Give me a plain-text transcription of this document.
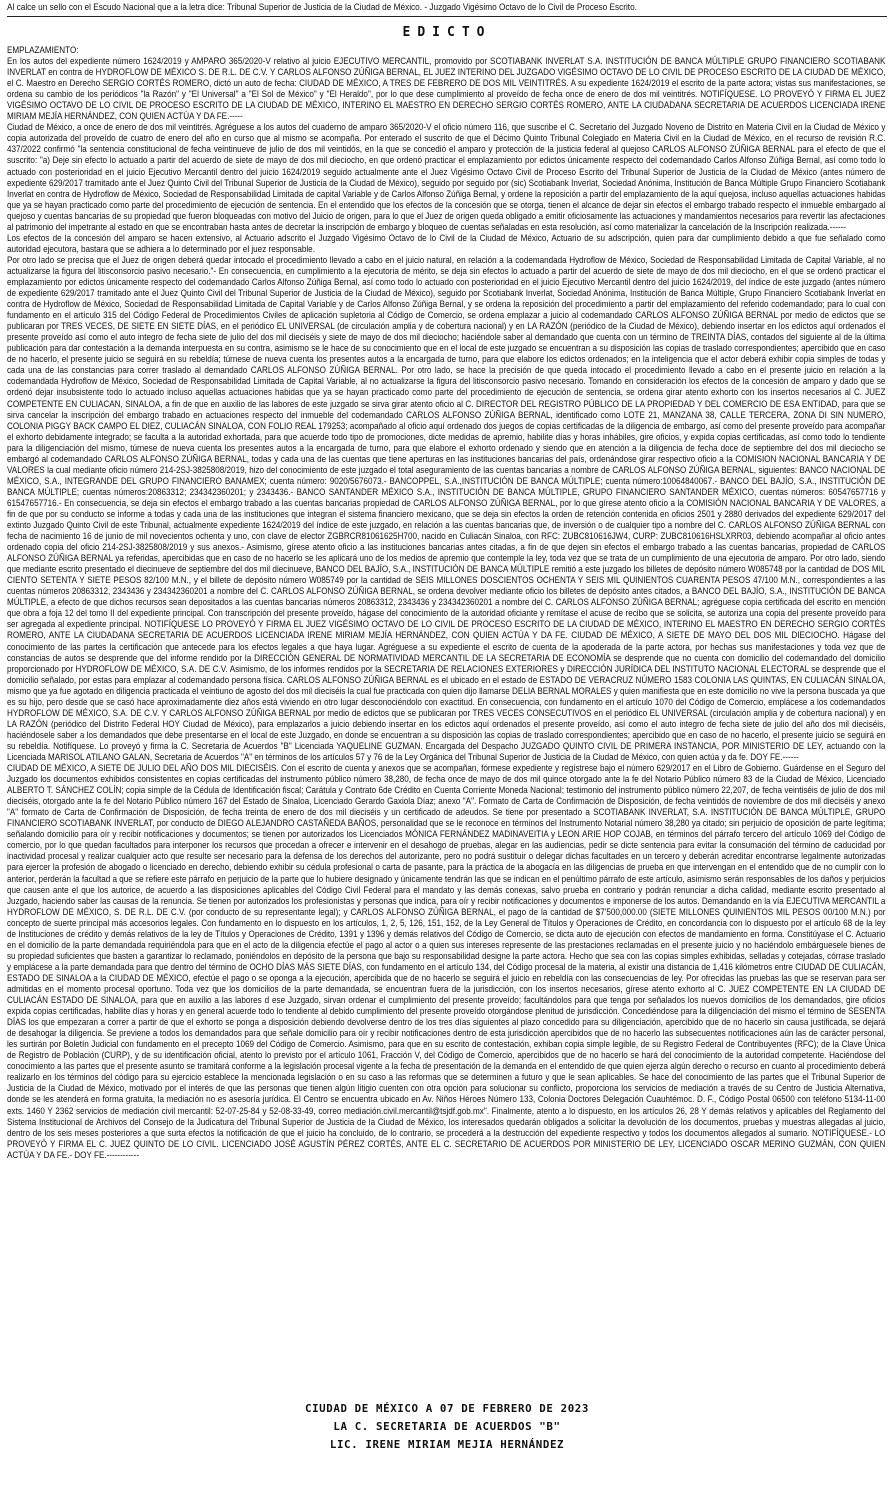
Al calce un sello con el Escudo Nacional que a la letra dice: Tribunal Superior de Justicia de la Ciudad de México. - Juzgado Vigésimo Octavo de lo Civil de Proceso Escrito.
EDICTO

EMPLAZAMIENTO:

En los autos del expediente número 1624/2019 y AMPARO 365/2020-V relativo al juicio EJECUTIVO MERCANTIL, promovido por SCOTIABANK INVERLAT S.A. INSTITUCIÓN DE BANCA MÚLTIPLE GRUPO FINANCIERO SCOTIABANK INVERLAT en contra de HYDROFLOW DE MÉXICO S. DE R.L. DE C.V. Y CARLOS ALFONSO ZÚÑIGA BERNAL, EL JUEZ INTERINO DEL JUZGADO VIGÉSIMO OCTAVO DE LO CIVIL DE PROCESO ESCRITO DE LA CIUDAD DE MÉXICO, el C. Maestro en Derecho SERGIO CORTÉS ROMERO, dictó un auto de fecha: CIUDAD DE MÉXICO, A TRES DE FEBRERO DE DOS MIL VEINTITRÉS. A su expediente 1624/2019 el escrito de la parte actora; vistas sus manifestaciones, se ordena su cambio de los periódicos "la Razón" y "El Universal" a "El Sol de México" y "El Heraldo", por lo que dese cumplimiento al proveído de fecha once de enero de dos mil veintitrés. NOTIFÍQUESE. LO PROVEYÓ Y FIRMA EL JUEZ VIGÉSIMO OCTAVO DE LO CIVIL DE PROCESO ESCRITO DE LA CIUDAD DE MÉXICO, INTERINO EL MAESTRO EN DERECHO SERGIO CORTÉS ROMERO, ANTE LA CIUDADANA SECRETARIA DE ACUERDOS LICENCIADA IRENE MIRIAM MEJÍA HERNÁNDEZ, CON QUIEN ACTÚA Y DA FE.-----

Ciudad de México, a once de enero de dos mil veintitrés. Agréguese a los autos del cuaderno de amparo 365/2020-V el oficio número 116, que suscribe el C. Secretario del Juzgado Noveno de Distrito en Materia Civil en la Ciudad de México y copia autorizada del proveído de cuatro de enero del año en curso que al mismo se acompaña. Por enterado el suscrito de que el Décimo Quinto Tribunal Colegiado en Materia Civil en la Ciudad de México, en el recurso de revisión R.C. 437/2022 confirmó "la sentencia constitucional de fecha veintinueve de julio de dos mil veintidós, en la que se concedió el amparo y protección de la justicia federal al quejoso CARLOS ALFONSO ZÚÑIGA BERNAL para el efecto de que el suscrito: "a) Deje sin efecto lo actuado a partir del acuerdo de siete de mayo de dos mil dieciocho, en que ordenó practicar el emplazamiento por edictos únicamente respecto del codemandado Carlos Alfonso Zúñiga Bernal, así como todo lo actuado con posterioridad en el juicio Ejecutivo Mercantil dentro del juicio 1624/2019 seguido actualmente ante el Juez Vigésimo Octavo Civil de Proceso Escrito del Tribunal Superior de Justicia de la Ciudad de México (antes número de expediente 629/2017 tramitado ante el Juez Quinto Civil del Tribunal Superior de Justicia de la Ciudad de México), seguido por seguido por (sic) Scotiabank Inverlat, Sociedad Anónima, Institución de Banca Múltiple Grupo Financiero Scotiabank Inverlat en contra de Hydroflow de México, Sociedad de Responsabilidad Limitada de capital Variable y de Carlos Alfonso Zúñiga Bernal, y ordene la reposición a partir del emplazamiento de la aquí quejosa, incluso aquellas actuaciones habidas que ya se hayan practicado como parte del procedimiento de ejecución de sentencia. En el entendido que los efectos de la concesión que se otorga, tienen el alcance de dejar sin efectos el embargo trabado respecto el inmueble embargado al quejoso y cuentas bancarias de su propiedad que fueron bloqueadas con motivo del Juicio de origen, para lo que el Juez de origen queda obligado a emitir oficiosamente las actuaciones y mandamientos necesarios para revertir las afectaciones al patrimonio del impetrante al estado en que se encontraban hasta antes de decretar la inscripción de embargo y bloqueo de cuentas señaladas en esta resolución, así como materializar la cancelación de la Inscripción realizada.------

Los efectos de la concesión del amparo se hacen extensivo, al Actuario adscrito el Juzgado Vigésimo Octavo de lo Civil de la Ciudad de México, Actuario de su adscripción, quien para dar cumplimiento debido a que fue señalado como autoridad ejecutora, bastara que se adhiera a lo determinado por el juez responsable.

Por otro lado se precisa que el Juez de origen deberá quedar intocado el procedimiento llevado a cabo en el juicio natural, en relación a la codemandada Hydroflow de México, Sociedad de Responsabilidad Limitada de Capital Variable, al no actualizarse la figura del litisconsorcio pasivo necesario."- En consecuencia, en cumplimiento a la ejecutoria de mérito, se deja sin efectos lo actuado a partir del acuerdo de siete de mayo de dos mil dieciocho, en el que se ordenó practicar el emplazamiento por edictos únicamente respecto del codemandado Carlos Alfonso Zúñiga Bernal, así como todo lo actuado con posterioridad en el juicio Ejecutivo Mercantil dentro del juicio 1624/2019, del índice de este juzgado (antes número de expediente 629/2017 tramitado ante el Juez Quinto Civil del Tribunal Superior de Justicia de la Ciudad de México), seguido por Scotiabank Inverlat, Sociedad Anónima, Institución de Banca Múltiple, Grupo Financiero Scotiabank Inverlat en contra de Hydroflow de México, Sociedad de Responsabilidad Limitada de Capital Variable y de Carlos Alfonso Zúñiga Bernal, y se ordena la reposición del procedimiento a partir del emplazamiento del referido codemandado; para lo cual con fundamento en el artículo 315 del Código Federal de Procedimientos Civiles de aplicación supletoria al Código de Comercio, se ordena emplazar a juicio al codemandado CARLOS ALFONSO ZÚÑIGA BERNAL por medio de edictos que se publicaran por TRES VECES, DE SIETE EN SIETE DÍAS, en el periódico EL UNIVERSAL (de circulación amplia y de cobertura nacional) y en LA RAZÓN (periódico de la Ciudad de México), debiendo insertar en los edictos aquí ordenados el presente proveído así como el auto integro de fecha siete de julio del dos mil dieciséis y siete de mayo de dos mil dieciocho; haciéndole saber al demandado que cuenta con un término de TREINTA DÍAS, contados del siguiente al de la última publicación para dar contestación a la demanda interpuesta en su contra, asimismo se le hace de su conocimiento que en el local de este juzgado se encuentran a su disposición las copias de traslado correspondientes; apercibido que en caso de no hacerlo, el presente juicio se seguirá en su rebeldía; túrnese de nueva cuenta los presentes autos a la encargada de turno, para que elabore los edictos ordenados; en la inteligencia que el actor deberá exhibir copia simples de todas y cada una de las constancias para correr traslado al demandado CARLOS ALFONSO ZÚÑIGA BERNAL. Por otro lado, se hace la precisión de que queda intocado el procedimiento llevado a cabo en el presente juicio en relación a la codemandada Hydroflow de México, Sociedad de Responsabilidad Limitada de Capital Variable, al no actualizarse la figura del litisconsorcio pasivo necesario. Tomando en consideración los efectos de la concesión de amparo y dado que se ordenó dejar insubsistente todo lo actuado incluso aquellas actuaciones habidas que ya se hayan practicado como parte del procedimiento de ejecución de sentencia, se ordena girar atento exhorto con los insertos necesarios al C. JUEZ COMPETENTE EN CULIACAN, SINALOA, a fin de que en auxilio de las labores de este juzgado se sirva girar atento oficio al C. DIRECTOR DEL REGISTRO PÚBLICO DE LA PROPIEDAD Y DEL COMERCIO DE ESA ENTIDAD, para que se sirva cancelar la inscripción del embargo trabado en actuaciones respecto del inmueble del codemandado CARLOS ALFONSO ZÚÑIGA BERNAL, identificado como LOTE 21, MANZANA 38, CALLE TERCERA, ZONA DI SIN NUMERO, COLONIA PIGGY BACK CAMPO EL DIEZ, CULIACÁN SINALOA, CON FOLIO REAL 179253; acompañado al oficio aquí ordenado dos juegos de copias certificadas de la diligencia de embargo, así como del presente proveído para acompañar el exhorto debidamente integrado; se faculta a la autoridad exhortada, para que acuerde todo tipo de promociones, dicte medidas de apremio, habilite días y horas inhábiles, gire oficios, y expida copias certificadas, así como todo lo tendiente para la diligenciación del mismo, túrnese de nueva cuenta los presentes autos a la encargada de turno, para que elabore el exhorto ordenado y siendo que en atención a la diligencia de fecha doce de septiembre del dos mil dieciocho se embargó al codemandado CARLOS ALFONSO ZÚÑIGA BERNAL, todas y cada una de las cuentas que tiene aperturas en las instituciones bancarias del país, ordenándose girar respectivo oficio a la COMISION NACIONAL BANCARIA Y DE VALORES la cual mediante oficio número 214-2SJ-3825808/2019, hizo del conocimiento de este juzgado el total aseguramiento de las cuentas bancarias a nombre de CARLOS ALFONSO ZÚÑIGA BERNAL, siguientes: BANCO NACIONAL DE MÉXICO, S.A., INTEGRANDE DEL GRUPO FINANCIERO BANAMEX; cuenta número: 9020/5676073.- BANCOPPEL, S.A.,INSTITUCIÓN DE BANCA MÚLTIPLE; cuenta número:10064840067.- BANCO DEL BAJÍO, S.A., INSTITUCIÓN DE BANCA MÚLTIPLE; cuentas números:20863312; 234342360201; y 2343436.- BANCO SANTANDER MÉXICO S.A., INSTITUCIÓN DE BANCA MÚLTIPLE, GRUPO FINANCIERO SANTANDER MÉXICO, cuentas números: 60547657716 y 61547657716.- En consecuencia, se deja sin efectos el embargo trabado a las cuentas bancarias propiedad de CARLOS ALFONSO ZÚÑIGA BERNAL, por lo que gírese atento oficio a la COMISIÓN NACIONAL BANCARIA Y DE VALORES, a fin de que por su conducto se informe a todas y cada una de las instituciones que integran el sistema financiero mexicano, que se deja sin efectos la orden de retención contenida en oficios 2501 y 2880 derivados del expediente 629/2017 del extinto Juzgado Quinto Civil de este Tribunal, actualmente expediente 1624/2019 del índice de este juzgado, en relación a las cuentas bancarias que, de inversión o de cualquier tipo a nombre del C. CARLOS ALFONSO ZÚÑIGA BERNAL con fecha de nacimiento 16 de junio de mil novecientos ochenta y uno, con clave de elector ZGBRCR81061625H700, nacido en Culiacán Sinaloa, con RFC: ZUBC810616JW4, CURP: ZUBC810616HSLXRR03, debiendo acompañar al oficio antes ordenado copia del oficio 214-2SJ-3825808/2019 y sus anexos.- Asimismo, gírese atento oficio a las instituciones bancarias antes citadas, a fin de que dejen sin efectos el embargo trabado a las cuentas bancarias, propiedad de CARLOS ALFONSO ZÚÑIGA BERNAL ya referidas, apercibidas que en caso de no hacerlo se les aplicará uno de los medios de apremio que contemple la ley, toda vez que se trata de un cumplimiento de una ejecutoria de amparo. Por otro lado, siendo que mediante escrito presentado el diecinueve de septiembre del dos mil diecinueve, BANCO DEL BAJÍO, S.A., INSTITUCIÓN DE BANCA MÚLTIPLE remitió a este juzgado los billetes de depósito número W085748 por la cantidad de DOS MIL CIENTO SETENTA Y SIETE PESOS 82/100 M.N., y el billete de depósito número W085749 por la cantidad de SEIS MILLONES DOSCIENTOS OCHENTA Y SEIS MIL QUINIENTOS CUARENTA PESOS 47/100 M.N., correspondientes a las cuentas números 20863312, 2343436 y 234342360201 a nombre del C. CARLOS ALFONSO ZÚÑIGA BERNAL, se ordena devolver mediante oficio los billetes de depósito antes citados, a BANCO DEL BAJÍO, S.A., INSTITUCIÓN DE BANCA MÚLTIPLE, a efecto de que dichos recursos sean depositados a las cuentas bancarias números 20863312, 2343436 y 234342360201 a nombre del C. CARLOS ALFONSO ZÚÑIGA BERNAL; agréguese copia certificada del escrito en mención que obra a foja 12 del tomo II del expediente principal. Con transcripción del presente proveído, hágase del conocimiento de la autoridad oficiante y remítase el acuse de recibo que se solicita, se autoriza una copia del presente proveído para ser agregada al expediente principal. NOTIFÍQUESE LO PROVEYÓ Y FIRMA EL JUEZ VIGÉSIMO OCTAVO DE LO CIVIL DE PROCESO ESCRITO DE LA CIUDAD DE MÉXICO, INTERINO EL MAESTRO EN DERECHO SERGIO CORTÉS ROMERO, ANTE LA CIUDADANA SECRETARIA DE ACUERDOS LICENCIADA IRENE MIRIAM MEJÍA HERNÁNDEZ, CON QUIEN ACTÚA Y DA FE. CIUDAD DE MÉXICO, A SIETE DE MAYO DEL DOS MIL DIECIOCHO. Hágase del conocimiento de las partes la certificación que antecede para los efectos legales a que haya lugar. Agréguese a su expediente el escrito de cuenta de la apoderada de la parte actora, por hechas sus manifestaciones y toda vez que de constancias de autos se desprende que del informe rendido por la DIRECCIÓN GENERAL DE NORMATIVIDAD MERCANTIL DE LA SECRETARIA DE ECONOMÍA se desprende que no cuenta con domicilio del codemandado del domicilio proporcionado por HYDROFLOW DE MÉXICO, S.A. DE C.V. Asimismo, de los informes rendidos por la SECRETARIA DE RELACIONES EXTERIORES y DIRECCIÓN JURÍDICA DEL INSTITUTO NACIONAL ELECTORAL se desprende que el domicilio señalado, por estas para emplazar al codemandado persona física. CARLOS ALFONSO ZÚÑIGA BERNAL es el ubicado en el estado de ESTADO DE VERACRUZ NÚMERO 1583 COLONIA LAS QUINTAS, EN CULIACÁN SINALOA, mismo que ya fue agotado en diligencia practicada el veintiuno de agosto del dos mil dieciséis la cual fue practicada con quien dijo llamarse DELIA BERNAL MORALES y quien manifiesta que en este domicilio no vive la persona buscada ya que es su hijo, pero desde que se casó hace aproximadamente diez años está viviendo en otro lugar desconociéndolo con exactitud. En consecuencia, con fundamento en el artículo 1070 del Código de Comercio, emplácese a los codemandados HYDROFLOW DE MÉXICO, S.A. DE C.V. Y CARLOS ALFONSO ZÚÑIGA BERNAL por medio de edictos que se publicaran por TRES VECES CONSECUTIVOS en el periódico EL UNIVERSAL (circulación amplia y de cobertura nacional) y en LA RAZÓN (periódico del Distrito Federal HOY Ciudad de México), para emplazarlos a juicio debiendo insertar en los edictos aquí ordenados el presente proveído, así como el auto integro de fecha siete de julio del año dos mil dieciséis, haciéndosele saber a los demandados que debe presentarse en el local de este Juzgado, en donde se encuentran a su disposición las copias de traslado correspondientes; apercibido que en caso de no hacerlo, el presente juicio se seguirá en su rebeldía. Notifíquese. Lo proveyó y firma la C. Secretaria de Acuerdos "B" Licenciada YAQUELINE GUZMAN. Encargada del Despacho JUZGADO QUINTO CIVIL DE PRIMERA INSTANCIA, POR MINISTERIO DE LEY, actuando con la Licenciada MARISOL ATILANO GALAN, Secretaria de Acuerdos "A" en términos de los artículos 57 y 76 de la Ley Orgánica del Tribunal Superior de Justicia de la Ciudad de México, con quien actúa y da fe. DOY FE.------

CIUDAD DE MÉXICO, A SIETE DE JULIO DEL AÑO DOS MIL DIECISÉIS. Con el escrito de cuenta y anexos que se acompañan, fórmese expediente y regístrese bajo el número 629/2017 en el Libro de Gobierno. Guárdense en el Seguro del Juzgado los documentos exhibidos consistentes en copias certificadas del instrumento público número 38,280, de fecha once de mayo de dos mil quince otorgado ante la fe del Notario Público número 83 de la Ciudad de México, Licenciado ALBERTO T. SÁNCHEZ COLÍN; copia simple de la Cédula de Identificación fiscal; Carátula y Contrato 6de Crédito en Cuenta Corriente Moneda Nacional; testimonio del instrumento público número 22,207, de fecha veintiséis de julio de dos mil dieciséis, otorgado ante la fe del Notario Público número 167 del Estado de Sinaloa, Licenciado Gerardo Gaxiola Díaz; anexo "A". Formato de Carta de Confirmación de Disposición, de fecha veintidós de noviembre de dos mil dieciséis y anexo "A" formato de Carta de Confirmación de Disposición, de fecha treinta de enero de dos mil dieciséis y un certificado de adeudos. Se tiene por presentado a SCOTIABANK INVERLAT, S.A. INSTITUCIÓN DE BANCA MÚLTIPLE, GRUPO FINANCIERO SCOTIABANK INVERLAT, por conducto de DIEGO ALEJANDRO CASTAÑEDA BAÑOS, personalidad que se le reconoce en términos del Instrumento Notarial número 38,280 ya citado; sin perjuicio de oposición de parte legítima; señalando domicilio para oír y recibir notificaciones y documentos; se tienen por autorizados los Licenciados MÓNICA FERNÁNDEZ MADINAVEITIA y LEON ARIE HOP COJAB, en términos del párrafo tercero del artículo 1069 del Código de comercio, por lo que quedan facultados para interponer los recursos que procedan a ofrecer e intervenir en el desahogo de pruebas, alegar en las audiencias, pedir se dicte sentencia para evitar la consumación del término de caducidad por inactividad procesal y realizar cualquier acto que resulte ser necesario para la defensa de los derechos del autorizante, pero no podrá sustituir o delegar dichas facultades en un tercero y deberán acreditar encontrarse legalmente autorizadas para ejercer la profesión de abogado o licenciado en derecho, debiendo exhibir su cédula profesional o carta de pasante, para la práctica de la abogacía en las diligencias de prueba en que intervengan en el entendido que de no cumplir con lo anterior, perderán la facultad a que se refiere este párrafo en perjuicio de la parte que lo hubiere designado y únicamente tendrán las que se indican en el penúltimo párrafo de este artículo, asimismo serán responsables de los daños y perjuicios que causen ante el que los autorice, de acuerdo a las disposiciones aplicables del Código Civil Federal para el mandato y las demás conexas, salvo prueba en contrario y podrán renunciar a dicha calidad, mediante escrito presentado al Juzgado, haciendo saber las causas de la renuncia. Se tienen por autorizados los profesionistas y personas que indica, para oír y recibir notificaciones y documentos e imponerse de los autos. Demandando en la vía EJECUTIVA MERCANTIL a HYDROFLOW DE MÉXICO, S. DE R.L. DE C.V. (por conducto de su representante legal); y CARLOS ALFONSO ZÚÑIGA BERNAL, el pago de la cantidad de $7'500,000.00 (SIETE MILLONES QUINIENTOS MIL PESOS 00/100 M.N.) por concepto de suerte principal más accesorios legales. Con fundamento en lo dispuesto en los artículos, 1, 2, 5, 126, 151, 152, de la Ley General de Títulos y Operaciones de Crédito, en concordancia con lo dispuesto por el artículo 68 de la ley de Instituciones de crédito y demás relativos de la ley de Títulos y Operaciones de Crédito, 1391 y 1396 y demás relativos del Código de Comercio, se dicta auto de ejecución con efectos de mandamiento en forma. Constitúyase el C. Actuario en el domicilio de la parte demandada requiriéndola para que en el acto de la diligencia efectúe el pago al actor o a quien sus intereses represente de las prestaciones reclamadas en el presente juicio y no haciéndolo embárguesele bienes de su propiedad suficientes que basten a garantizar lo reclamado, poniéndolos en depósito de la persona que bajo su responsabilidad designe la parte actora. Hecho que sea con las copias simples exhibidas, selladas y cotejadas, córrase traslado y emplácese a la parte demandada para que dentro del término de OCHO DÍAS MÁS SIETE DÍAS, con fundamento en el artículo 134, del Código procesal de la materia, al existir una distancia de 1,416 kilómetros entre CIUDAD DE CULIACÁN, ESTADO DE SINALOA a la CIUDAD DE MÉXICO, efectúe el pago o se oponga a la ejecución, apercibida que de no hacerlo se seguirá el juicio en rebeldía con las consecuencias de ley. Por ofrecidas las pruebas las que se reservan para ser admitidas en el momento procesal oportuno. Toda vez que los domicilios de la parte demandada, se encuentran fuera de la jurisdicción, con los insertos necesarios, gírese atento exhorto al C. JUEZ COMPETENTE EN LA CIUDAD DE CULIACÁN ESTADO DE SINALOA, para que en auxilio a las labores d ese Juzgado, sirvan ordenar el cumplimiento del presente proveído; facultándolos para que tenga por señalados los nuevos domicilios de los demandados, gire oficios expida copias certificadas, habilite días y horas y en general acuerde todo lo tendiente al debido cumplimiento del presente proveído otorgándose plenitud de jurisdicción. Concediéndose para la diligenciación del mismo el término de SESENTA DÍAS los que empezaran a correr a partir de que el exhorto se ponga a disposición debiendo devolverse dentro de los tres días siguientes al plazo concedido para su diligenciación, apercibido que de no hacerlo sin causa justificada, se dejará de desahogar la diligencia. Se previene a todos los demandados para que señale domicilio para oír y recibir notificaciones dentro de esta jurisdicción apercibidos que de no hacerlo las subsecuentes notificaciones aún las de carácter personal, les surtirán por Boletín Judicial con fundamento en el precepto 1069 del Código de Comercio. Asimismo, para que en su escrito de contestación, exhiban copia simple legible, de su Registro Federal de Contribuyentes (RFC); de la Clave Única de Registro de Población (CURP), y de su identificación oficial, atento lo previsto por el artículo 1061, Fracción V, del Código de Comercio, apercibidos que de no hacerlo se hará del conocimiento de la autoridad competente. Haciéndose del conocimiento a las partes que el presente asunto se tramitará conforme a la legislación procesal vigente a la fecha de presentación de la demanda en el entendido de que quien ejerza algún derecho o recurso en cuanto al procedimiento deberá realizarlo en los términos del código para su ejercicio establece la mencionada legislación o en su caso a las reformas que se determinen a futuro y que le sean aplicables. Se hace del conocimiento de las partes que el Tribunal Superior de Justicia de la Ciudad de México, motivado por el interés de que las personas que tienen algún litigio cuenten con otra opción para solucionar su conflicto, proporciona los servicios de mediación a través de su Centro de Justicia Alternativa, donde se les atenderá en forma gratuita, la mediación no es asesoría jurídica. El Centro se encuentra ubicado en Av. Niños Héroes Número 133, Colonia Doctores Delegación Cuauhtémoc. D. F., Código Postal 06500 con teléfono 5134-11-00 exts. 1460 Y 2362 servicios de mediación civil mercantil: 52-07-25-84 y 52-08-33-49, correo mediación.civil.mercantil@tsjdf.gob.mx". Finalmente, atento a lo dispuesto, en los artículos 26, 28 Y demás relativos y aplicables del Reglamento del Sistema Institucional de Archivos del Consejo de la Judicatura del Tribunal Superior de Justicia de la Ciudad de México, los interesados quedarán obligados a solicitar la devolución de los documentos, pruebas y muestras allegadas al juicio, dentro de los seis meses posteriores a que surta efectos la notificación de que el juicio ha concluido, de lo contrario, se procederá a la destrucción del expediente respectivo y todos los documentos allegados al sumario. NOTIFÍQUESE.- LO PROVEYÓ Y FIRMA EL C. JUEZ QUINTO DE LO CIVIL. LICENCIADO JOSÉ AGUSTÍN PÉREZ CORTÉS, ANTE EL C. SECRETARIO DE ACUERDOS POR MINISTERIO DE LEY, LICENCIADO OSCAR MERINO GUZMÁN, CON QUIEN ACTÚA Y DA FE.- DOY FE.------------

CIUDAD DE MÉXICO A 07 DE FEBRERO DE 2023
LA C. SECRETARIA DE ACUERDOS "B"
LIC. IRENE MIRIAM MEJIA HERNÁNDEZ
